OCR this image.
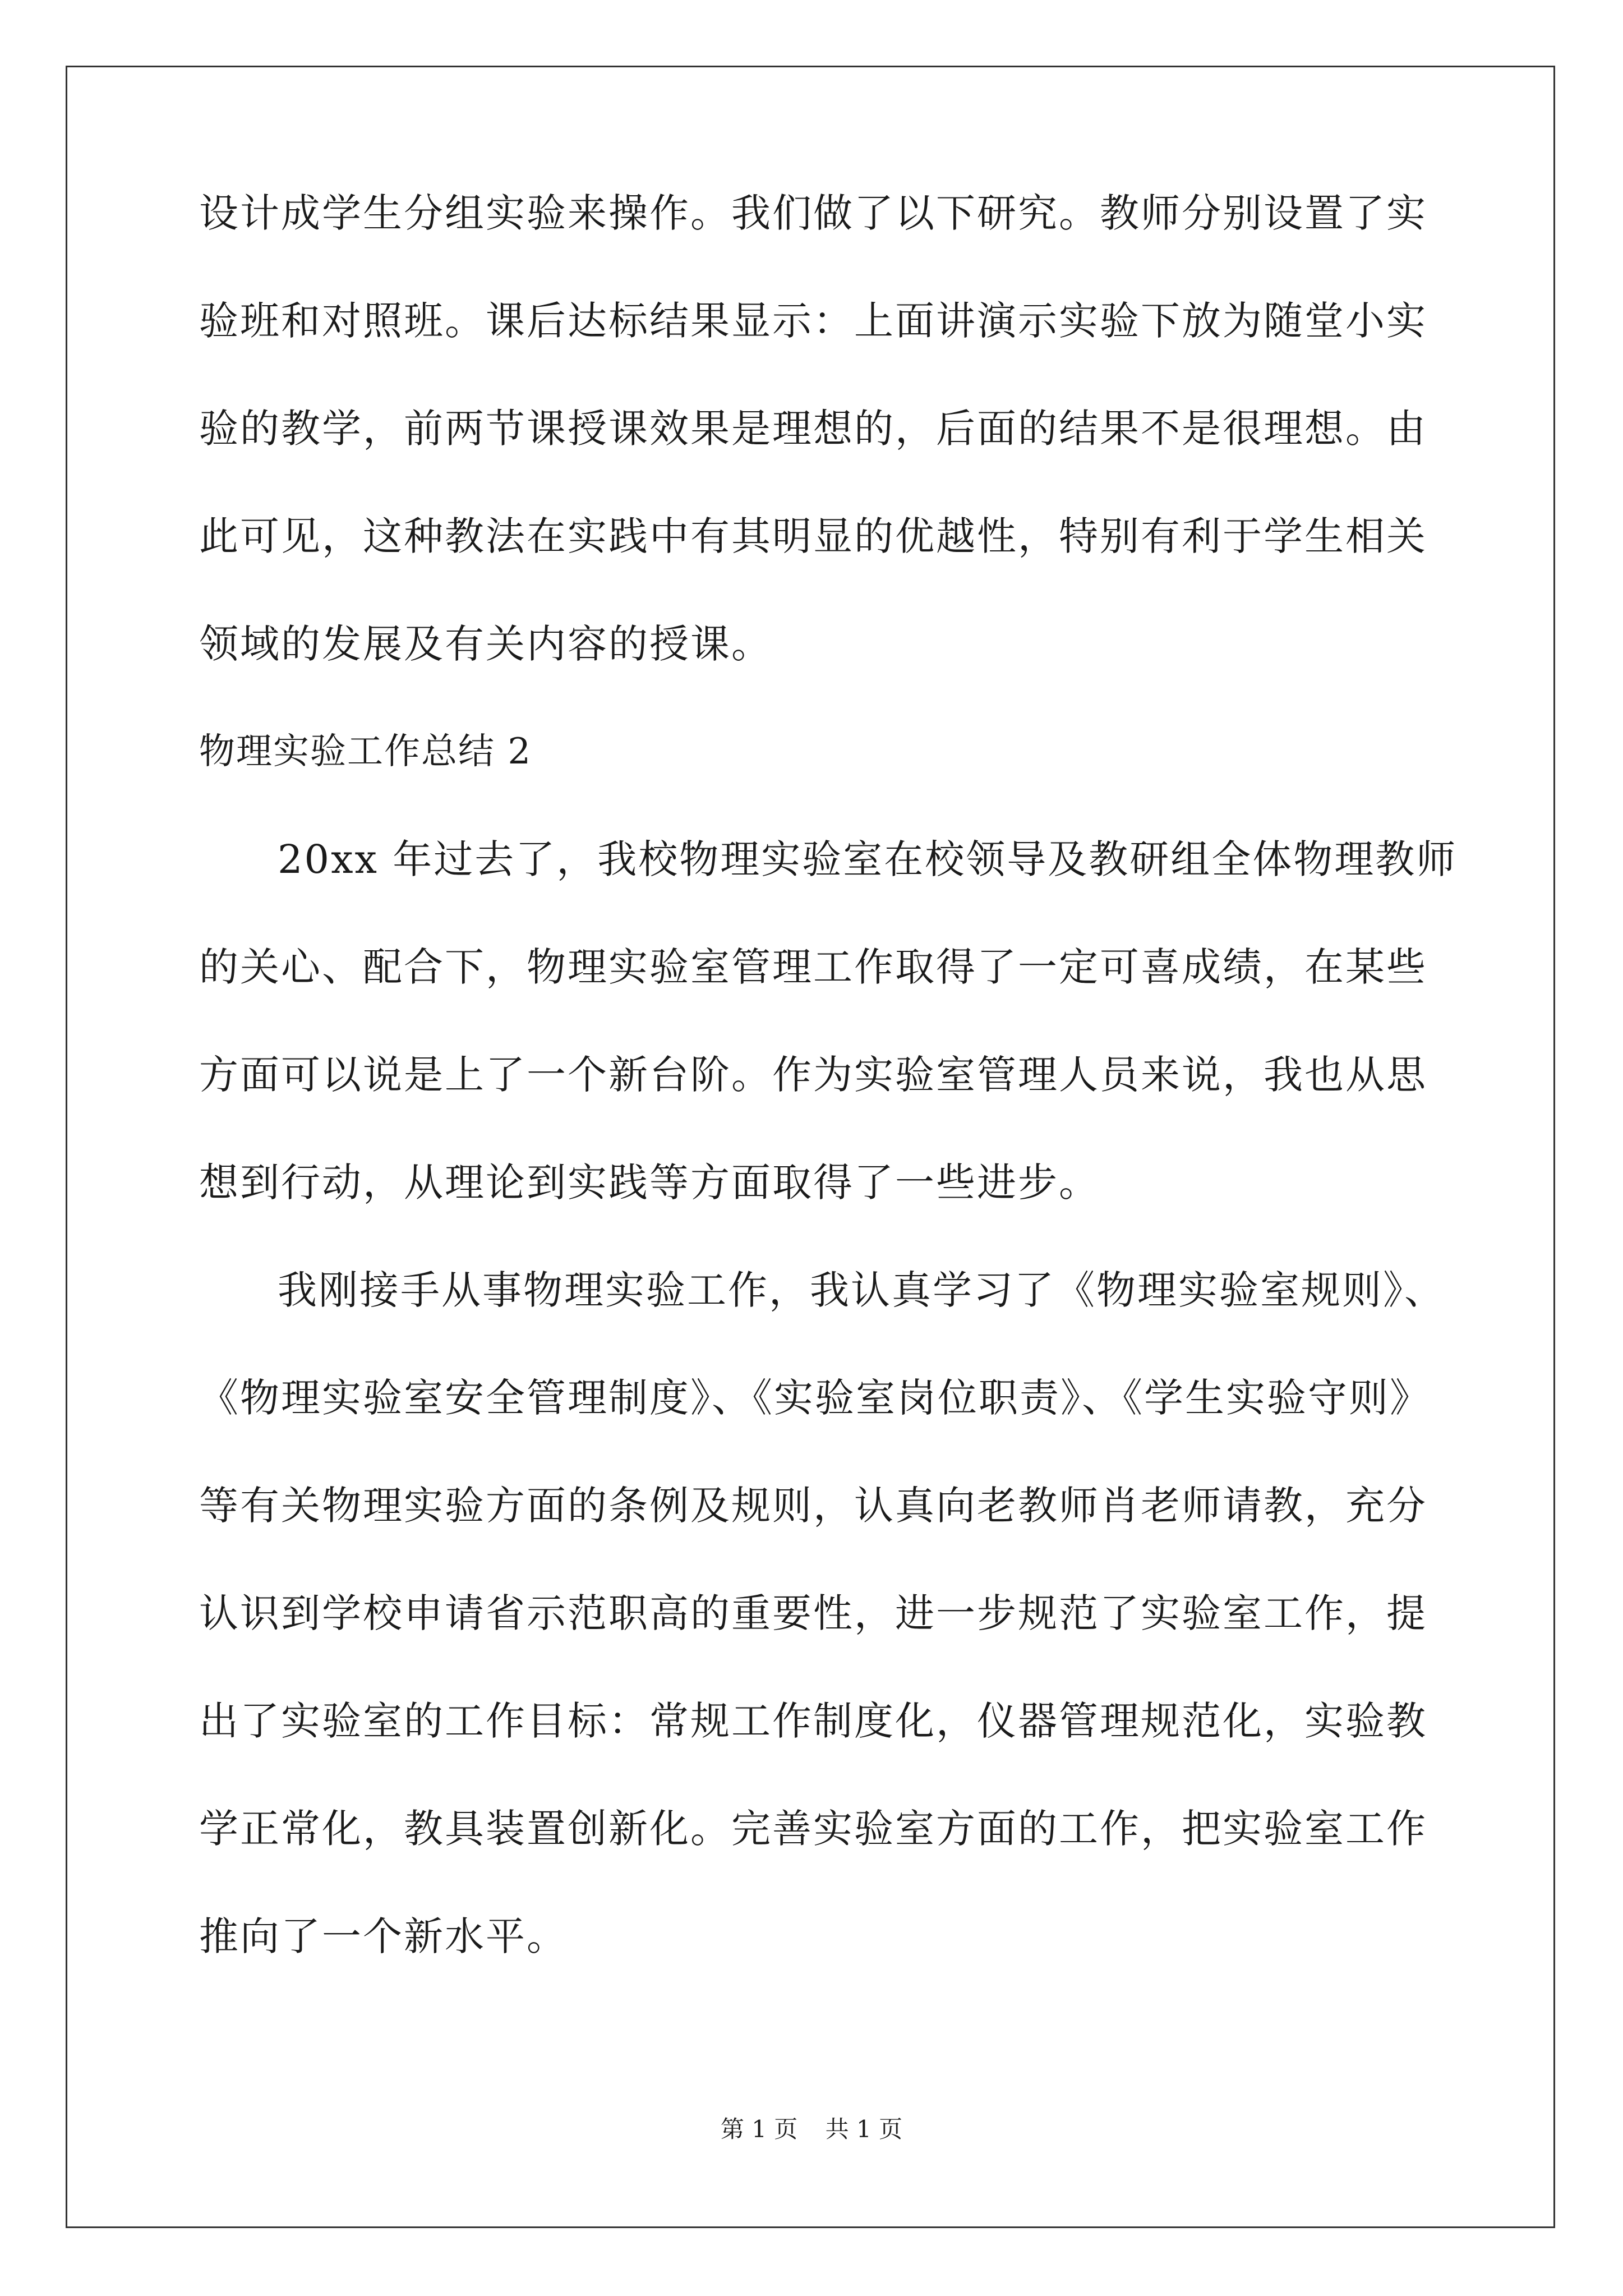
设计成学生分组实验来操作。我们做了以下研究。教师分别设置了实

验班和对照班。课后达标结果显示：上面讲演示实验下放为随堂小实

验的教学，前两节课授课效果是理想的，后面的结果不是很理想。由

此可见，这种教法在实践中有其明显的优越性，特别有利于学生相关

领域的发展及有关内容的授课。

物理实验工作总结 2

20xx 年过去了，我校物理实验室在校领导及教研组全体物理教师

的关心、配合下，物理实验室管理工作取得了一定可喜成绩，在某些

方面可以说是上了一个新台阶。作为实验室管理人员来说，我也从思

想到行动，从理论到实践等方面取得了一些进步。

我刚接手从事物理实验工作，我认真学习了《物理实验室规则》、

《物理实验室安全管理制度》、《实验室岗位职责》、《学生实验守则》

等有关物理实验方面的条例及规则，认真向老教师肖老师请教，充分

认识到学校申请省示范职高的重要性，进一步规范了实验室工作，提

出了实验室的工作目标：常规工作制度化，仪器管理规范化，实验教

学正常化，教具装置创新化。完善实验室方面的工作，把实验室工作

推向了一个新水平。

第 1 页 共 1 页
